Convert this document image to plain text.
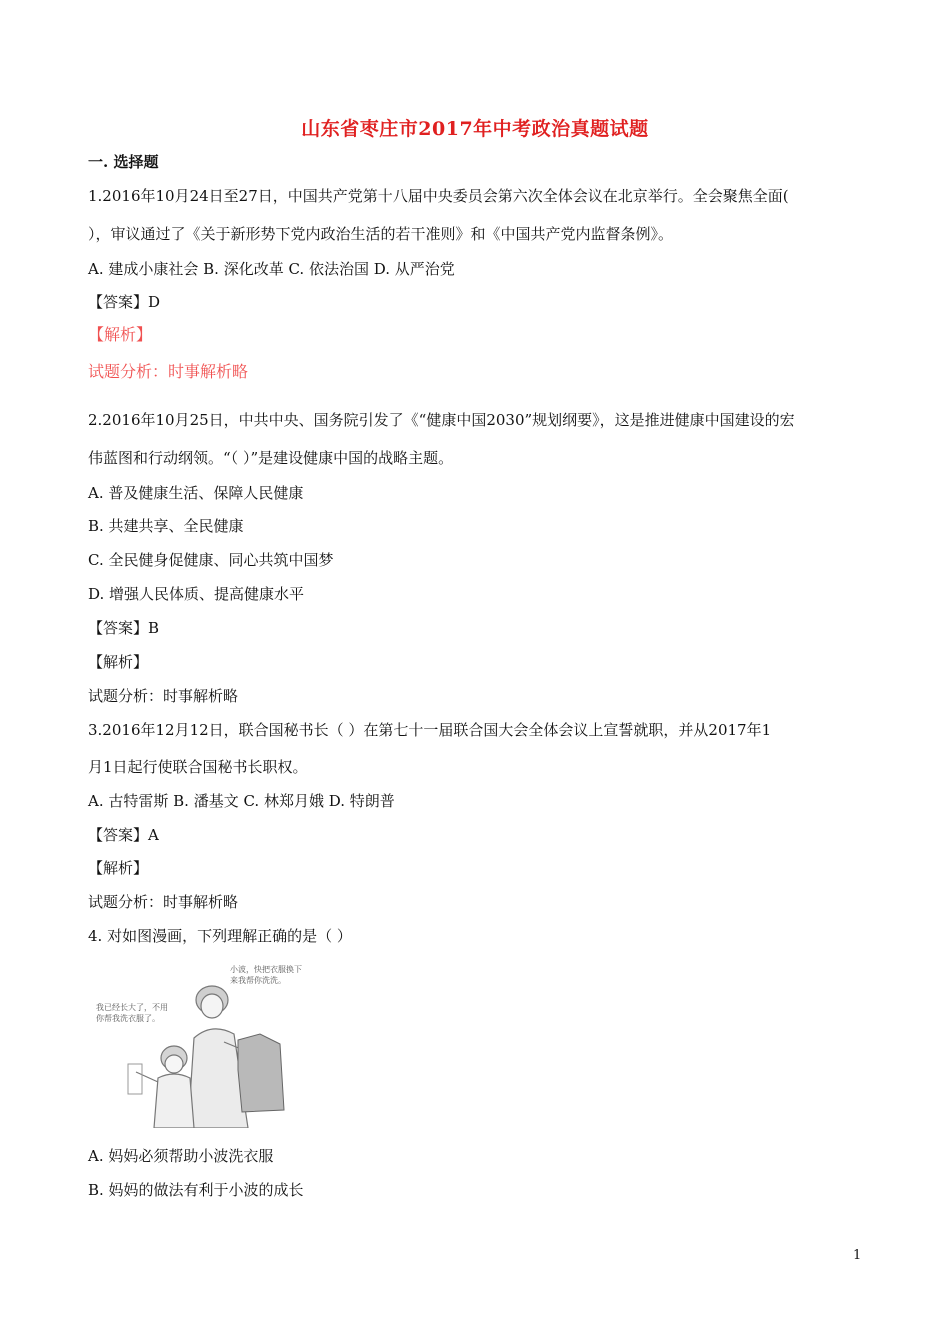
山东省枣庄市2017年中考政治真题试题
一. 选择题
1.2016年10月24日至27日，中国共产党第十八届中央委员会第六次全体会议在北京举行。全会聚焦全面(
），审议通过了《关于新形势下党内政治生活的若干准则》和《中国共产党内监督条例》。
A. 建成小康社会 B. 深化改革 C. 依法治国 D. 从严治党
【答案】D
【解析】
试题分析：时事解析略
2.2016年10月25日，中共中央、国务院引发了《“健康中国2030”规划纲要》，这是推进健康中国建设的宏
伟蓝图和行动纲领。“（ ）”是建设健康中国的战略主题。
A. 普及健康生活、保障人民健康
B. 共建共享、全民健康
C. 全民健身促健康、同心共筑中国梦
D. 增强人民体质、提高健康水平
【答案】B
【解析】
试题分析：时事解析略
3.2016年12月12日，联合国秘书长（ ）在第七十一届联合国大会全体会议上宣誓就职，并从2017年1
月1日起行使联合国秘书长职权。
A. 古特雷斯 B. 潘基文 C. 林郑月娥 D. 特朗普
【答案】A
【解析】
试题分析：时事解析略
4. 对如图漫画，下列理解正确的是（ ）
小波，快把衣服换下
来我帮你洗洗。
我已经长大了，不用
你帮我洗衣服了。
A. 妈妈必须帮助小波洗衣服
B. 妈妈的做法有利于小波的成长
1
